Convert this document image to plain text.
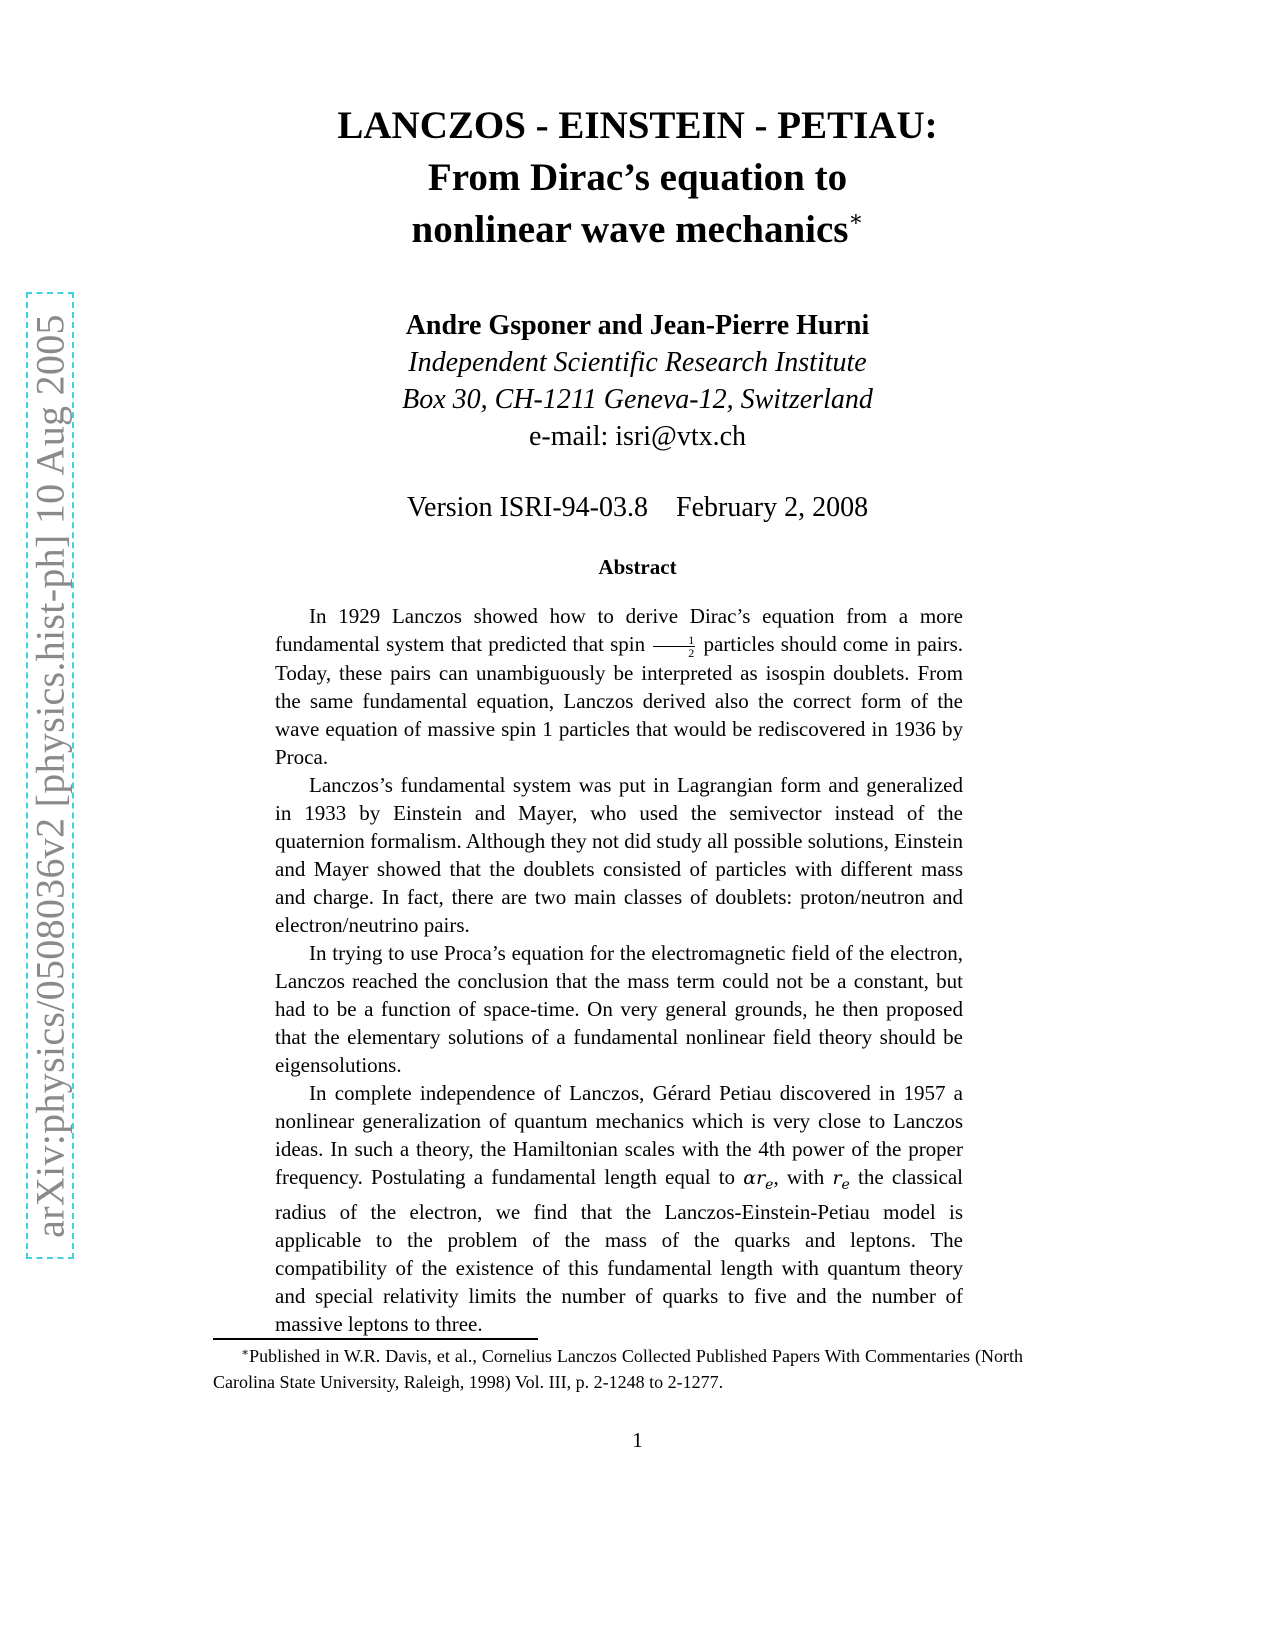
arXiv:physics/0508036v2 [physics.hist-ph] 10 Aug 2005
LANCZOS - EINSTEIN - PETIAU:
From Dirac’s equation to
nonlinear wave mechanics∗
Andre Gsponer and Jean-Pierre Hurni
Independent Scientific Research Institute
Box 30, CH-1211 Geneva-12, Switzerland
e-mail: isri@vtx.ch
Version ISRI-94-03.8 February 2, 2008
Abstract

In 1929 Lanczos showed how to derive Dirac’s equation from a more fundamental system that predicted that spin $\frac{1}{2}$ particles should come in pairs. Today, these pairs can unambiguously be interpreted as isospin doublets. From the same fundamental equation, Lanczos derived also the correct form of the wave equation of massive spin 1 particles that would be rediscovered in 1936 by Proca.

Lanczos’s fundamental system was put in Lagrangian form and generalized in 1933 by Einstein and Mayer, who used the semivector instead of the quaternion formalism. Although they not did study all possible solutions, Einstein and Mayer showed that the doublets consisted of particles with different mass and charge. In fact, there are two main classes of doublets: proton/neutron and electron/neutrino pairs.

In trying to use Proca’s equation for the electromagnetic field of the electron, Lanczos reached the conclusion that the mass term could not be a constant, but had to be a function of space-time. On very general grounds, he then proposed that the elementary solutions of a fundamental nonlinear field theory should be eigensolutions.

In complete independence of Lanczos, Gérard Petiau discovered in 1957 a nonlinear generalization of quantum mechanics which is very close to Lanczos ideas. In such a theory, the Hamiltonian scales with the 4th power of the proper frequency. Postulating a fundamental length equal to $\alpha r_e$, with $r_e$ the classical radius of the electron, we find that the Lanczos-Einstein-Petiau model is applicable to the problem of the mass of the quarks and leptons. The compatibility of the existence of this fundamental length with quantum theory and special relativity limits the number of quarks to five and the number of massive leptons to three.

∗Published in W.R. Davis, et al., Cornelius Lanczos Collected Published Papers With Commentaries (North Carolina State University, Raleigh, 1998) Vol. III, p. 2-1248 to 2-1277.
1
